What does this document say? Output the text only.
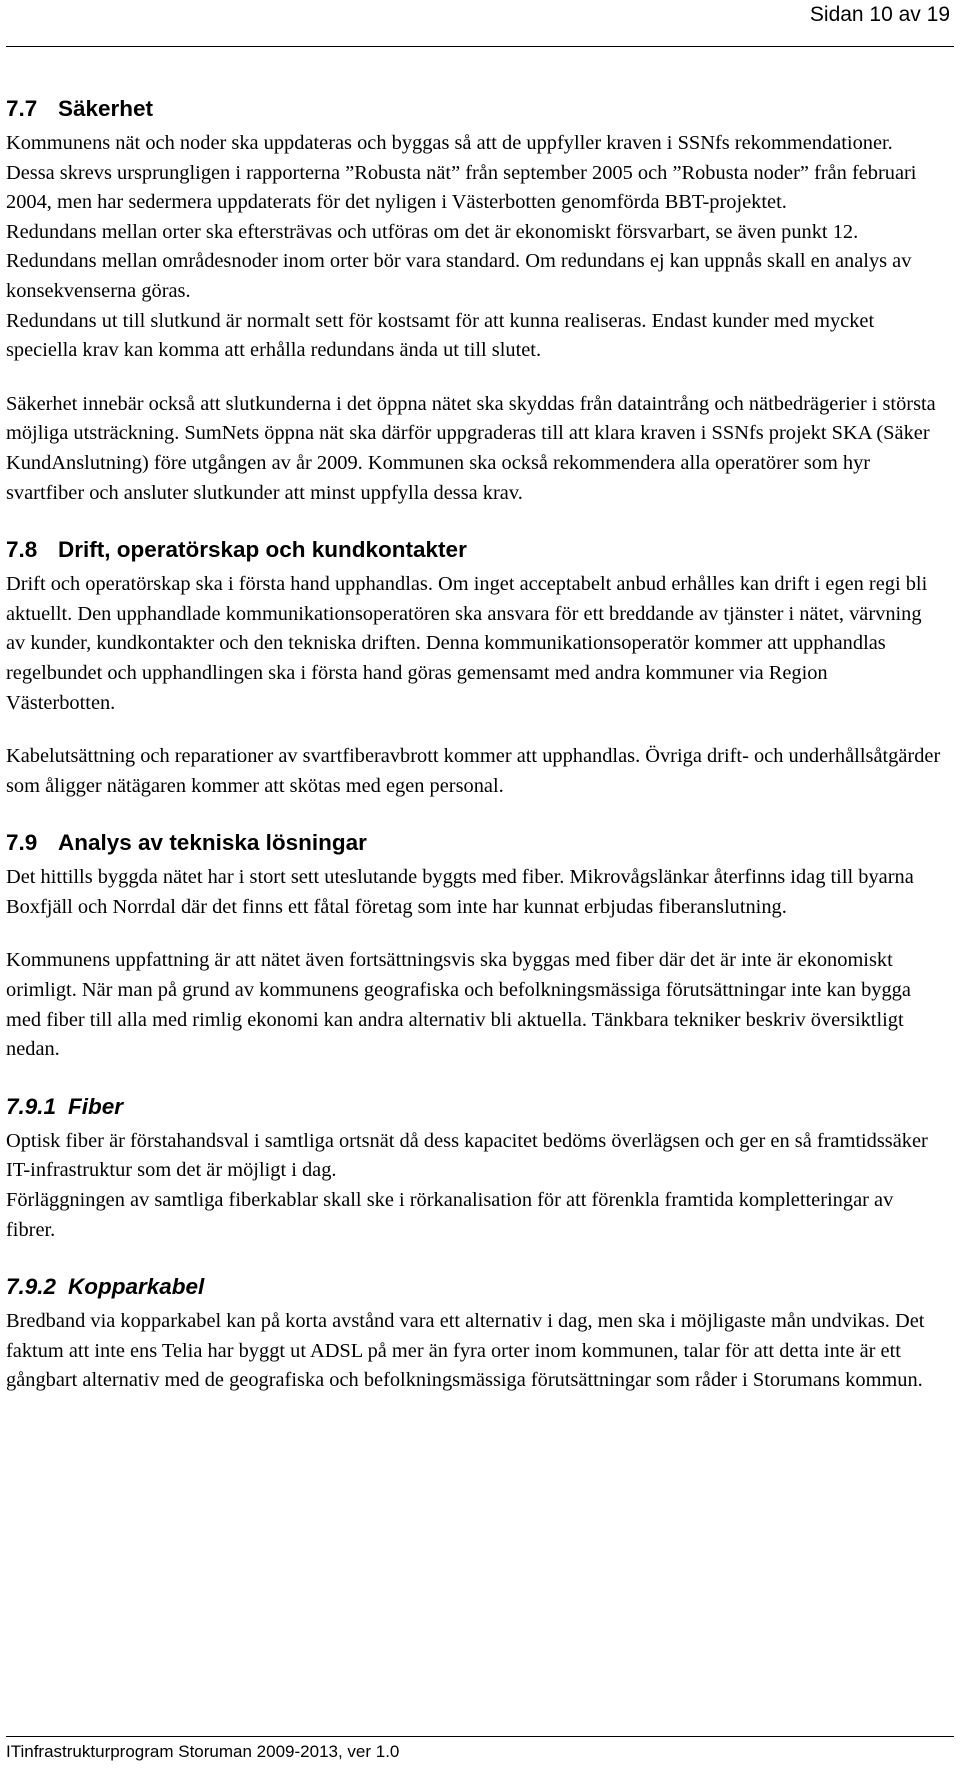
Sidan 10 av 19
7.7 Säkerhet

Kommunens nät och noder ska uppdateras och byggas så att de uppfyller kraven i SSNfs rekommendationer. Dessa skrevs ursprungligen i rapporterna ”Robusta nät” från september 2005 och ”Robusta noder” från februari 2004, men har sedermera uppdaterats för det nyligen i Västerbotten genomförda BBT-projektet.

Redundans mellan orter ska eftersträvas och utföras om det är ekonomiskt försvarbart, se även punkt 12.

Redundans mellan områdesnoder inom orter bör vara standard. Om redundans ej kan uppnås skall en analys av konsekvenserna göras.

Redundans ut till slutkund är normalt sett för kostsamt för att kunna realiseras. Endast kunder med mycket speciella krav kan komma att erhålla redundans ända ut till slutet.

Säkerhet innebär också att slutkunderna i det öppna nätet ska skyddas från dataintrång och nätbedrägerier i största möjliga utsträckning. SumNets öppna nät ska därför uppgraderas till att klara kraven i SSNfs projekt SKA (Säker KundAnslutning) före utgången av år 2009. Kommunen ska också rekommendera alla operatörer som hyr svartfiber och ansluter slutkunder att minst uppfylla dessa krav.

7.8 Drift, operatörskap och kundkontakter

Drift och operatörskap ska i första hand upphandlas. Om inget acceptabelt anbud erhålles kan drift i egen regi bli aktuellt. Den upphandlade kommunikationsoperatören ska ansvara för ett breddande av tjänster i nätet, värvning av kunder, kundkontakter och den tekniska driften. Denna kommunikationsoperatör kommer att upphandlas regelbundet och upphandlingen ska i första hand göras gemensamt med andra kommuner via Region Västerbotten.

Kabelutsättning och reparationer av svartfiberavbrott kommer att upphandlas. Övriga drift- och underhållsåtgärder som åligger nätägaren kommer att skötas med egen personal.

7.9 Analys av tekniska lösningar

Det hittills byggda nätet har i stort sett uteslutande byggts med fiber. Mikrovågslänkar återfinns idag till byarna Boxfjäll och Norrdal där det finns ett fåtal företag som inte har kunnat erbjudas fiberanslutning.

Kommunens uppfattning är att nätet även fortsättningsvis ska byggas med fiber där det är inte är ekonomiskt orimligt. När man på grund av kommunens geografiska och befolkningsmässiga förutsättningar inte kan bygga med fiber till alla med rimlig ekonomi kan andra alternativ bli aktuella. Tänkbara tekniker beskriv översiktligt nedan.

7.9.1 Fiber

Optisk fiber är förstahandsval i samtliga ortsnät då dess kapacitet bedöms överlägsen och ger en så framtidssäker IT-infrastruktur som det är möjligt i dag.

Förläggningen av samtliga fiberkablar skall ske i rörkanalisation för att förenkla framtida kompletteringar av fibrer.

7.9.2 Kopparkabel

Bredband via kopparkabel kan på korta avstånd vara ett alternativ i dag, men ska i möjligaste mån undvikas. Det faktum att inte ens Telia har byggt ut ADSL på mer än fyra orter inom kommunen, talar för att detta inte är ett gångbart alternativ med de geografiska och befolkningsmässiga förutsättningar som råder i Storumans kommun.

ITinfrastrukturprogram Storuman 2009-2013, ver 1.0
